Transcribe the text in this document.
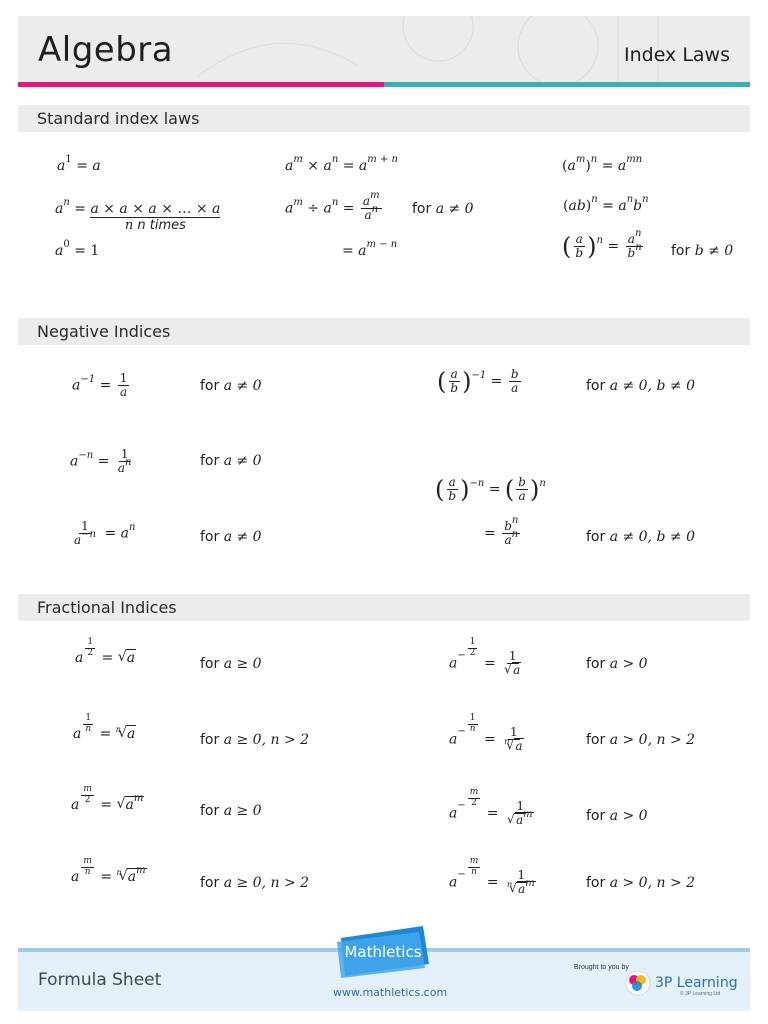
Algebra	Index Laws
Standard index laws
$a^1 = a$	$a^m \times a^n = a^{m + n}$	$(a^m)^n = a^{mn}$
$a^n = a \times a \times a$ × … × a
n n times
$a^m \div a^n = \frac{a^m}{a^n}$ for a ≠ 0	$(ab)^n = a^nb^n$
$a^0 = 1$	= $a^{m - n}$	( $\frac{a}{b} )^n = \frac{a^n}{b^n}$ for b ≠ 0
Negative Indices
$a^{-1} = \frac{1}{a}$	for a ≠ 0	( $\frac{a}{b} )^{-1} = \frac{b}{a}$	for a ≠ 0, b ≠ 0
$a^{-n} = \frac{1}{a^n}$	for a ≠ 0
( $\frac{a}{b} )^{-n}$ = ( $\frac{b}{a} )^n$
$\frac{1}{a^{-n}} = a^n$
for a ≠ 0	= $\frac{b^n}{a^n}$	for a ≠ 0, b ≠ 0
Fractional Indices
a $\frac{1}{2}$ = √ a	for a ≥ 0	$a^- \frac{1}{2}$
= 1
√ a	for a > 0
a $\frac{1}{n} = ^n√$ a	for a ≥ 0, n > 2	$a^- \frac{1}{n}$
= $\frac{1}{^n√ a}$	for a > 0, n > 2
a $\frac{m}{2}$ = √ $a^m$
for a ≥ 0	$a^- \frac{m}{2}$
= 1
√ $a^m$	for a > 0
a $\frac{m}{n} = ^n√$ $a^m$
for a ≥ 0, n > 2	$a^- \frac{m}{n}$
= $\frac{1}{^n√ a^m}$	for a > 0, n > 2
Formula Sheet
Mathletics
www.mathletics.com
Brought to you by
3P Learning
© 3P Learning Ltd
